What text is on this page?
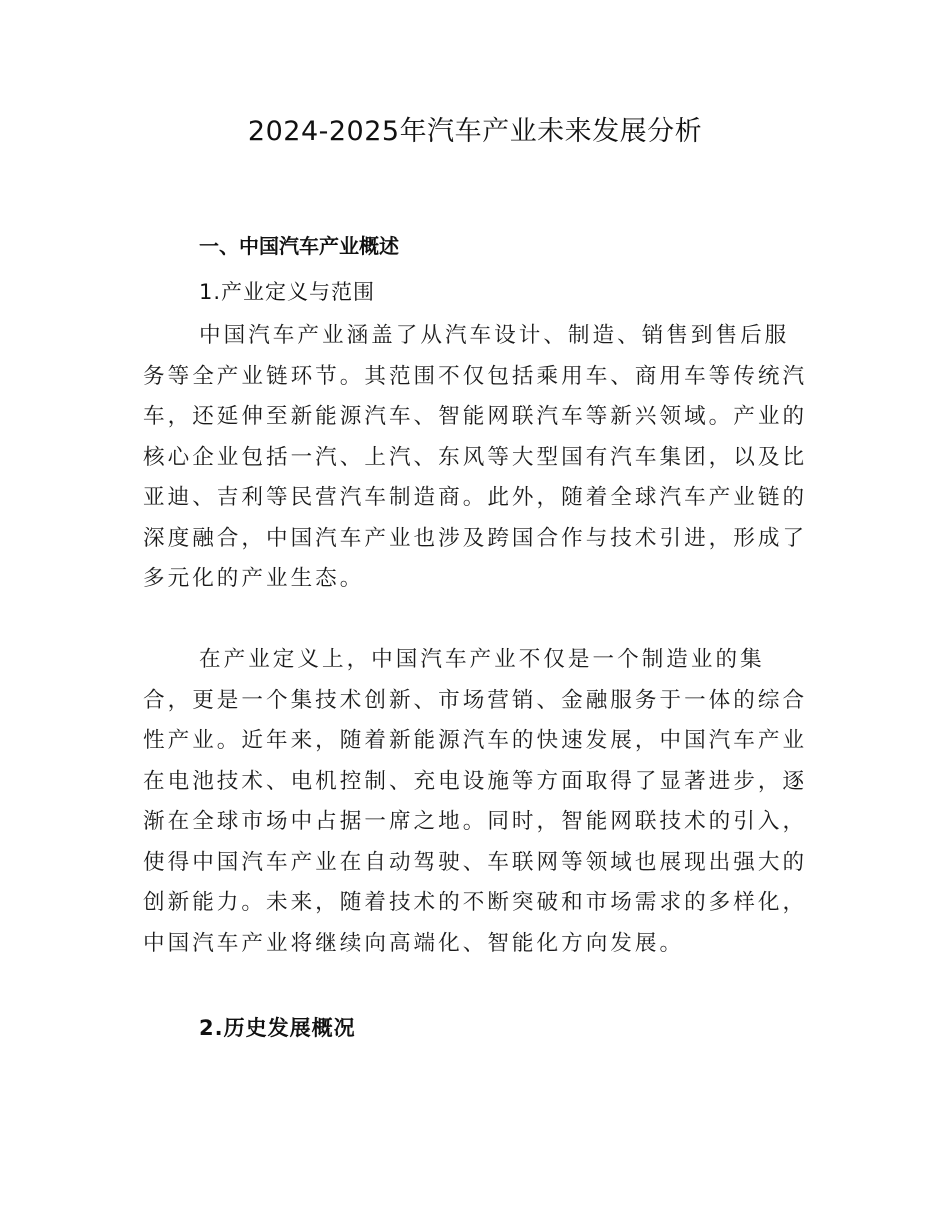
2024-2025年汽车产业未来发展分析
一、中国汽车产业概述
1.产业定义与范围
中国汽车产业涵盖了从汽车设计、制造、销售到售后服
务等全产业链环节。其范围不仅包括乘用车、商用车等传统汽
车，还延伸至新能源汽车、智能网联汽车等新兴领域。产业的
核心企业包括一汽、上汽、东风等大型国有汽车集团，以及比
亚迪、吉利等民营汽车制造商。此外，随着全球汽车产业链的
深度融合，中国汽车产业也涉及跨国合作与技术引进，形成了
多元化的产业生态。
在产业定义上，中国汽车产业不仅是一个制造业的集
合，更是一个集技术创新、市场营销、金融服务于一体的综合
性产业。近年来，随着新能源汽车的快速发展，中国汽车产业
在电池技术、电机控制、充电设施等方面取得了显著进步，逐
渐在全球市场中占据一席之地。同时，智能网联技术的引入，
使得中国汽车产业在自动驾驶、车联网等领域也展现出强大的
创新能力。未来，随着技术的不断突破和市场需求的多样化，
中国汽车产业将继续向高端化、智能化方向发展。
2.历史发展概况
